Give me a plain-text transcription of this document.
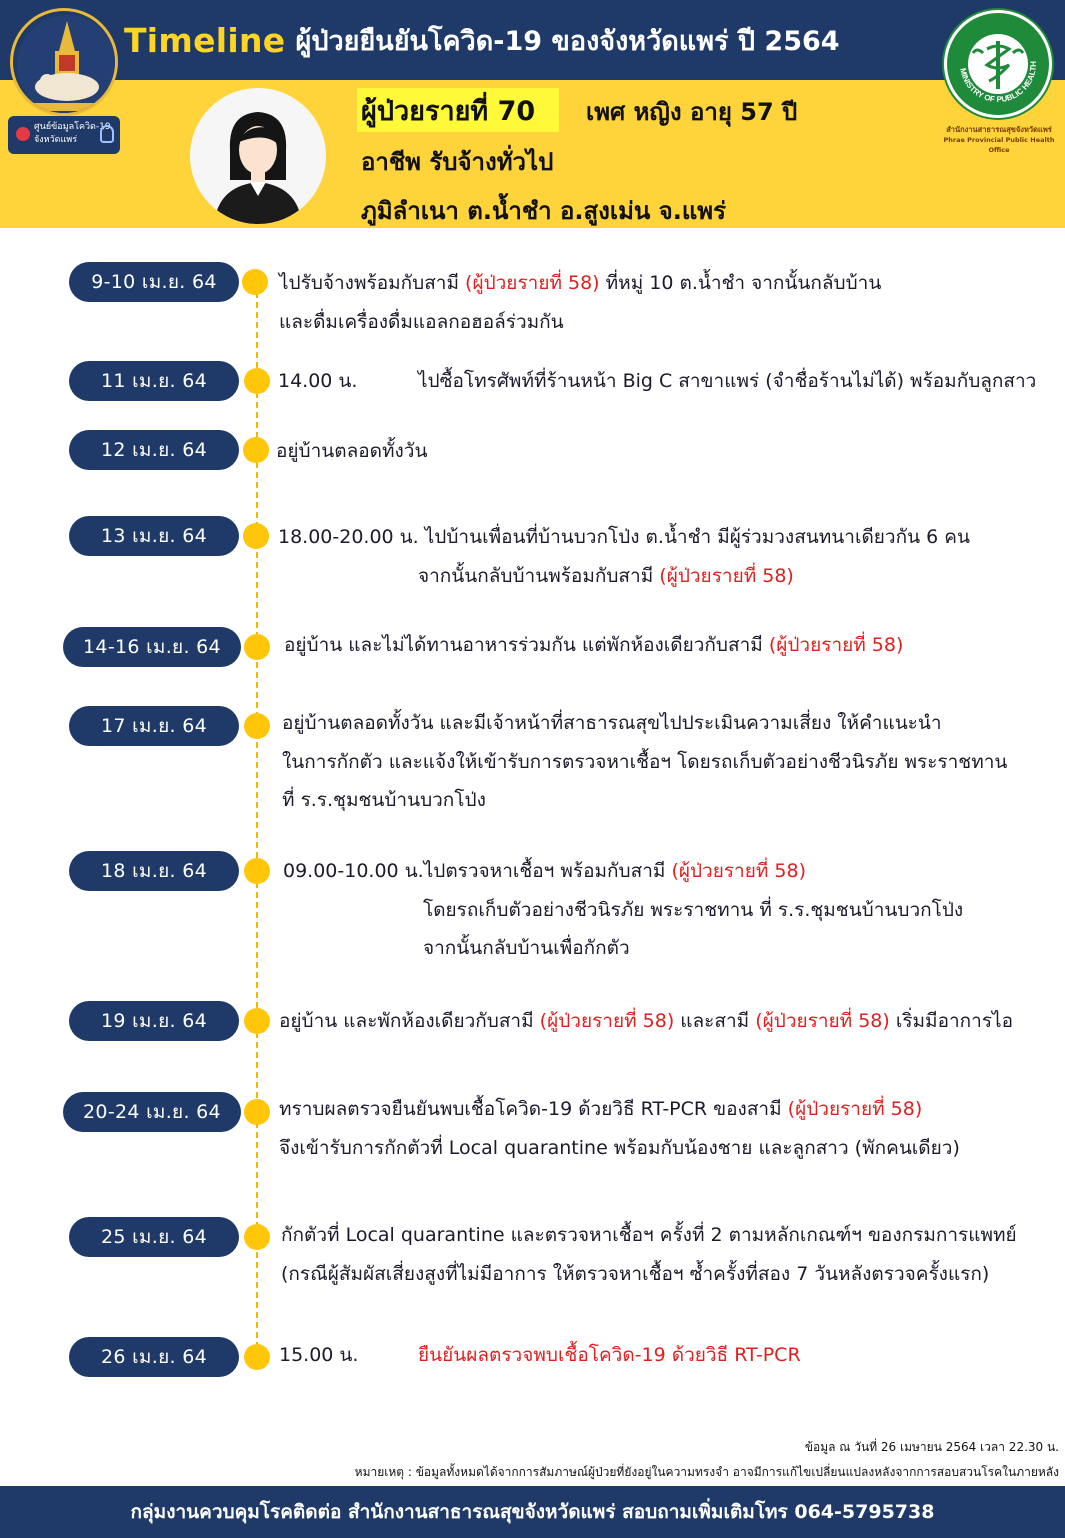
Timeline ผู้ป่วยยืนยันโควิด-19 ของจังหวัดแพร่ ปี 2564
ศูนย์ข้อมูลโควิด-19 จังหวัดแพร่
MINISTRY OF PUBLIC HEALTH
สำนักงานสาธารณสุขจังหวัดแพร่
Phrae Provincial Public Health Office
ผู้ป่วยรายที่ 70	เพศ หญิง อายุ 57 ปี
อาชีพ รับจ้างทั่วไป
ภูมิลำเนา ต.น้ำชำ อ.สูงเม่น จ.แพร่
9-10 เม.ย. 64	ไปรับจ้างพร้อมกับสามี (ผู้ป่วยรายที่ 58) ที่หมู่ 10 ต.น้ำชำ จากนั้นกลับบ้าน
และดื่มเครื่องดื่มแอลกอฮอล์ร่วมกัน
11 เม.ย. 64	14.00 น.	ไปซื้อโทรศัพท์ที่ร้านหน้า Big C สาขาแพร่ (จำชื่อร้านไม่ได้) พร้อมกับลูกสาว
12 เม.ย. 64	อยู่บ้านตลอดทั้งวัน
13 เม.ย. 64	18.00-20.00 น. ไปบ้านเพื่อนที่บ้านบวกโป่ง ต.น้ำชำ มีผู้ร่วมวงสนทนาเดียวกัน 6 คน
จากนั้นกลับบ้านพร้อมกับสามี (ผู้ป่วยรายที่ 58)
14-16 เม.ย. 64	อยู่บ้าน และไม่ได้ทานอาหารร่วมกัน แต่พักห้องเดียวกับสามี (ผู้ป่วยรายที่ 58)
17 เม.ย. 64	อยู่บ้านตลอดทั้งวัน และมีเจ้าหน้าที่สาธารณสุขไปประเมินความเสี่ยง ให้คำแนะนำ
ในการกักตัว และแจ้งให้เข้ารับการตรวจหาเชื้อฯ โดยรถเก็บตัวอย่างชีวนิรภัย พระราชทาน
ที่ ร.ร.ชุมชนบ้านบวกโป่ง
18 เม.ย. 64	09.00-10.00 น.ไปตรวจหาเชื้อฯ พร้อมกับสามี (ผู้ป่วยรายที่ 58)
โดยรถเก็บตัวอย่างชีวนิรภัย พระราชทาน ที่ ร.ร.ชุมชนบ้านบวกโป่ง
จากนั้นกลับบ้านเพื่อกักตัว
19 เม.ย. 64	อยู่บ้าน และพักห้องเดียวกับสามี (ผู้ป่วยรายที่ 58) และสามี (ผู้ป่วยรายที่ 58) เริ่มมีอาการไอ
20-24 เม.ย. 64	ทราบผลตรวจยืนยันพบเชื้อโควิด-19 ด้วยวิธี RT-PCR ของสามี (ผู้ป่วยรายที่ 58)
จึงเข้ารับการกักตัวที่ Local quarantine พร้อมกับน้องชาย และลูกสาว (พักคนเดียว)
25 เม.ย. 64	กักตัวที่ Local quarantine และตรวจหาเชื้อฯ ครั้งที่ 2 ตามหลักเกณฑ์ฯ ของกรมการแพทย์
(กรณีผู้สัมผัสเสี่ยงสูงที่ไม่มีอาการ ให้ตรวจหาเชื้อฯ ซ้ำครั้งที่สอง 7 วันหลังตรวจครั้งแรก)
26 เม.ย. 64	15.00 น.	ยืนยันผลตรวจพบเชื้อโควิด-19 ด้วยวิธี RT-PCR
ข้อมูล ณ วันที่ 26 เมษายน 2564 เวลา 22.30 น.
หมายเหตุ : ข้อมูลทั้งหมดได้จากการสัมภาษณ์ผู้ป่วยที่ยังอยู่ในความทรงจำ อาจมีการแก้ไขเปลี่ยนแปลงหลังจากการสอบสวนโรคในภายหลัง
กลุ่มงานควบคุมโรคติดต่อ สำนักงานสาธารณสุขจังหวัดแพร่ สอบถามเพิ่มเติมโทร 064-5795738
